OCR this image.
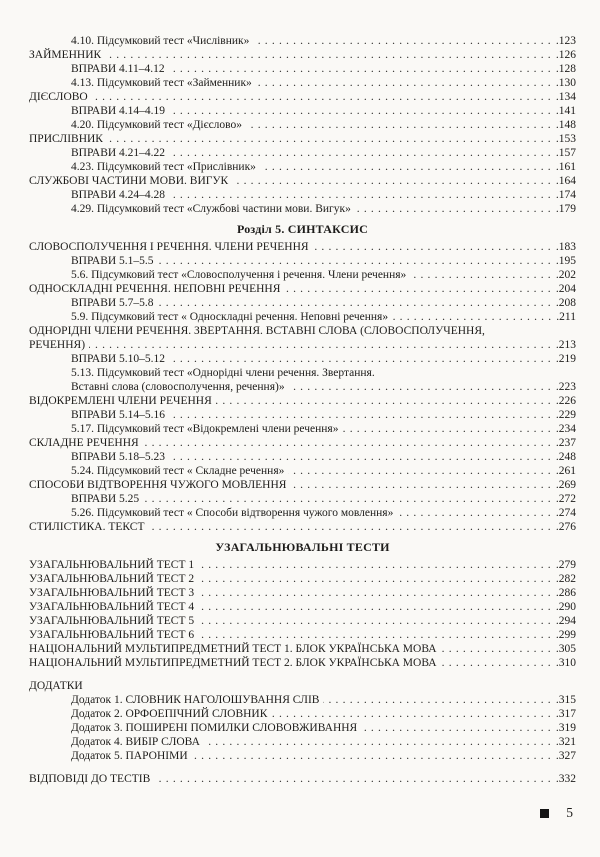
4.10. Підсумковий тест «Числівник» .....	. 123
ЗАЙМЕННИК .....	. 126
ВПРАВИ 4.11–4.12 .....	. 128
4.13. Підсумковий тест «Займенник» .....	. 130
ДІЄСЛОВО .....	. 134
ВПРАВИ 4.14–4.19 .....	. 141
4.20. Підсумковий тест «Дієслово» .....	. 148
ПРИСЛІВНИК .....	. 153
ВПРАВИ 4.21–4.22 .....	. 157
4.23. Підсумковий тест «Прислівник» .....	. 161
СЛУЖБОВІ ЧАСТИНИ МОВИ. ВИГУК .....	. 164
ВПРАВИ 4.24–4.28 .....	. 174
4.29. Підсумковий тест «Службові частини мови. Вигук» .....	. 179
Розділ 5. СИНТАКСИС
СЛОВОСПОЛУЧЕННЯ І РЕЧЕННЯ. ЧЛЕНИ РЕЧЕННЯ .....	. 183
ВПРАВИ 5.1–5.5 .....	. 195
5.6. Підсумковий тест «Словосполучення і речення. Члени речення» .....	. 202
ОДНОСКЛАДНІ РЕЧЕННЯ. НЕПОВНІ РЕЧЕННЯ .....	. 204
ВПРАВИ 5.7–5.8 .....	. 208
5.9. Підсумковий тест « Односкладні речення. Неповні речення» .....	. 211
ОДНОРІДНІ ЧЛЕНИ РЕЧЕННЯ. ЗВЕРТАННЯ. ВСТАВНІ СЛОВА (СЛОВОСПОЛУЧЕННЯ,
РЕЧЕННЯ) .....	. 213
ВПРАВИ 5.10–5.12 .....	. 219
5.13. Підсумковий тест «Однорідні члени речення. Звертання.
Вставні слова (словосполучення, речення)» .....	. 223
ВІДОКРЕМЛЕНІ ЧЛЕНИ РЕЧЕННЯ .....	. 226
ВПРАВИ 5.14–5.16 .....	. 229
5.17. Підсумковий тест «Відокремлені члени речення» .....	. 234
СКЛАДНЕ РЕЧЕННЯ .....	. 237
ВПРАВИ 5.18–5.23 .....	. 248
5.24. Підсумковий тест « Складне речення» .....	. 261
СПОСОБИ ВІДТВОРЕННЯ ЧУЖОГО МОВЛЕННЯ .....	. 269
ВПРАВИ 5.25 .....	. 272
5.26. Підсумковий тест « Способи відтворення чужого мовлення» .....	. 274
СТИЛІСТИКА. ТЕКСТ .....	. 276
УЗАГАЛЬНЮВАЛЬНІ ТЕСТИ
УЗАГАЛЬНЮВАЛЬНИЙ ТЕСТ 1 .....	. 279
УЗАГАЛЬНЮВАЛЬНИЙ ТЕСТ 2 .....	. 282
УЗАГАЛЬНЮВАЛЬНИЙ ТЕСТ 3 .....	. 286
УЗАГАЛЬНЮВАЛЬНИЙ ТЕСТ 4 .....	. 290
УЗАГАЛЬНЮВАЛЬНИЙ ТЕСТ 5 .....	. 294
УЗАГАЛЬНЮВАЛЬНИЙ ТЕСТ 6 .....	. 299
НАЦІОНАЛЬНИЙ МУЛЬТИПРЕДМЕТНИЙ ТЕСТ 1. БЛОК УКРАЇНСЬКА МОВА .....	. 305
НАЦІОНАЛЬНИЙ МУЛЬТИПРЕДМЕТНИЙ ТЕСТ 2. БЛОК УКРАЇНСЬКА МОВА .....	. 310
ДОДАТКИ
Додаток 1. СЛОВНИК НАГОЛОШУВАННЯ СЛІВ .....	. 315
Додаток 2. ОРФОЕПІЧНИЙ СЛОВНИК .....	. 317
Додаток 3. ПОШИРЕНІ ПОМИЛКИ СЛОВОВЖИВАННЯ .....	. 319
Додаток 4. ВИБІР СЛОВА .....	. 321
Додаток 5. ПАРОНІМИ .....	. 327
ВІДПОВІДІ ДО ТЕСТІВ .....	. 332
5
